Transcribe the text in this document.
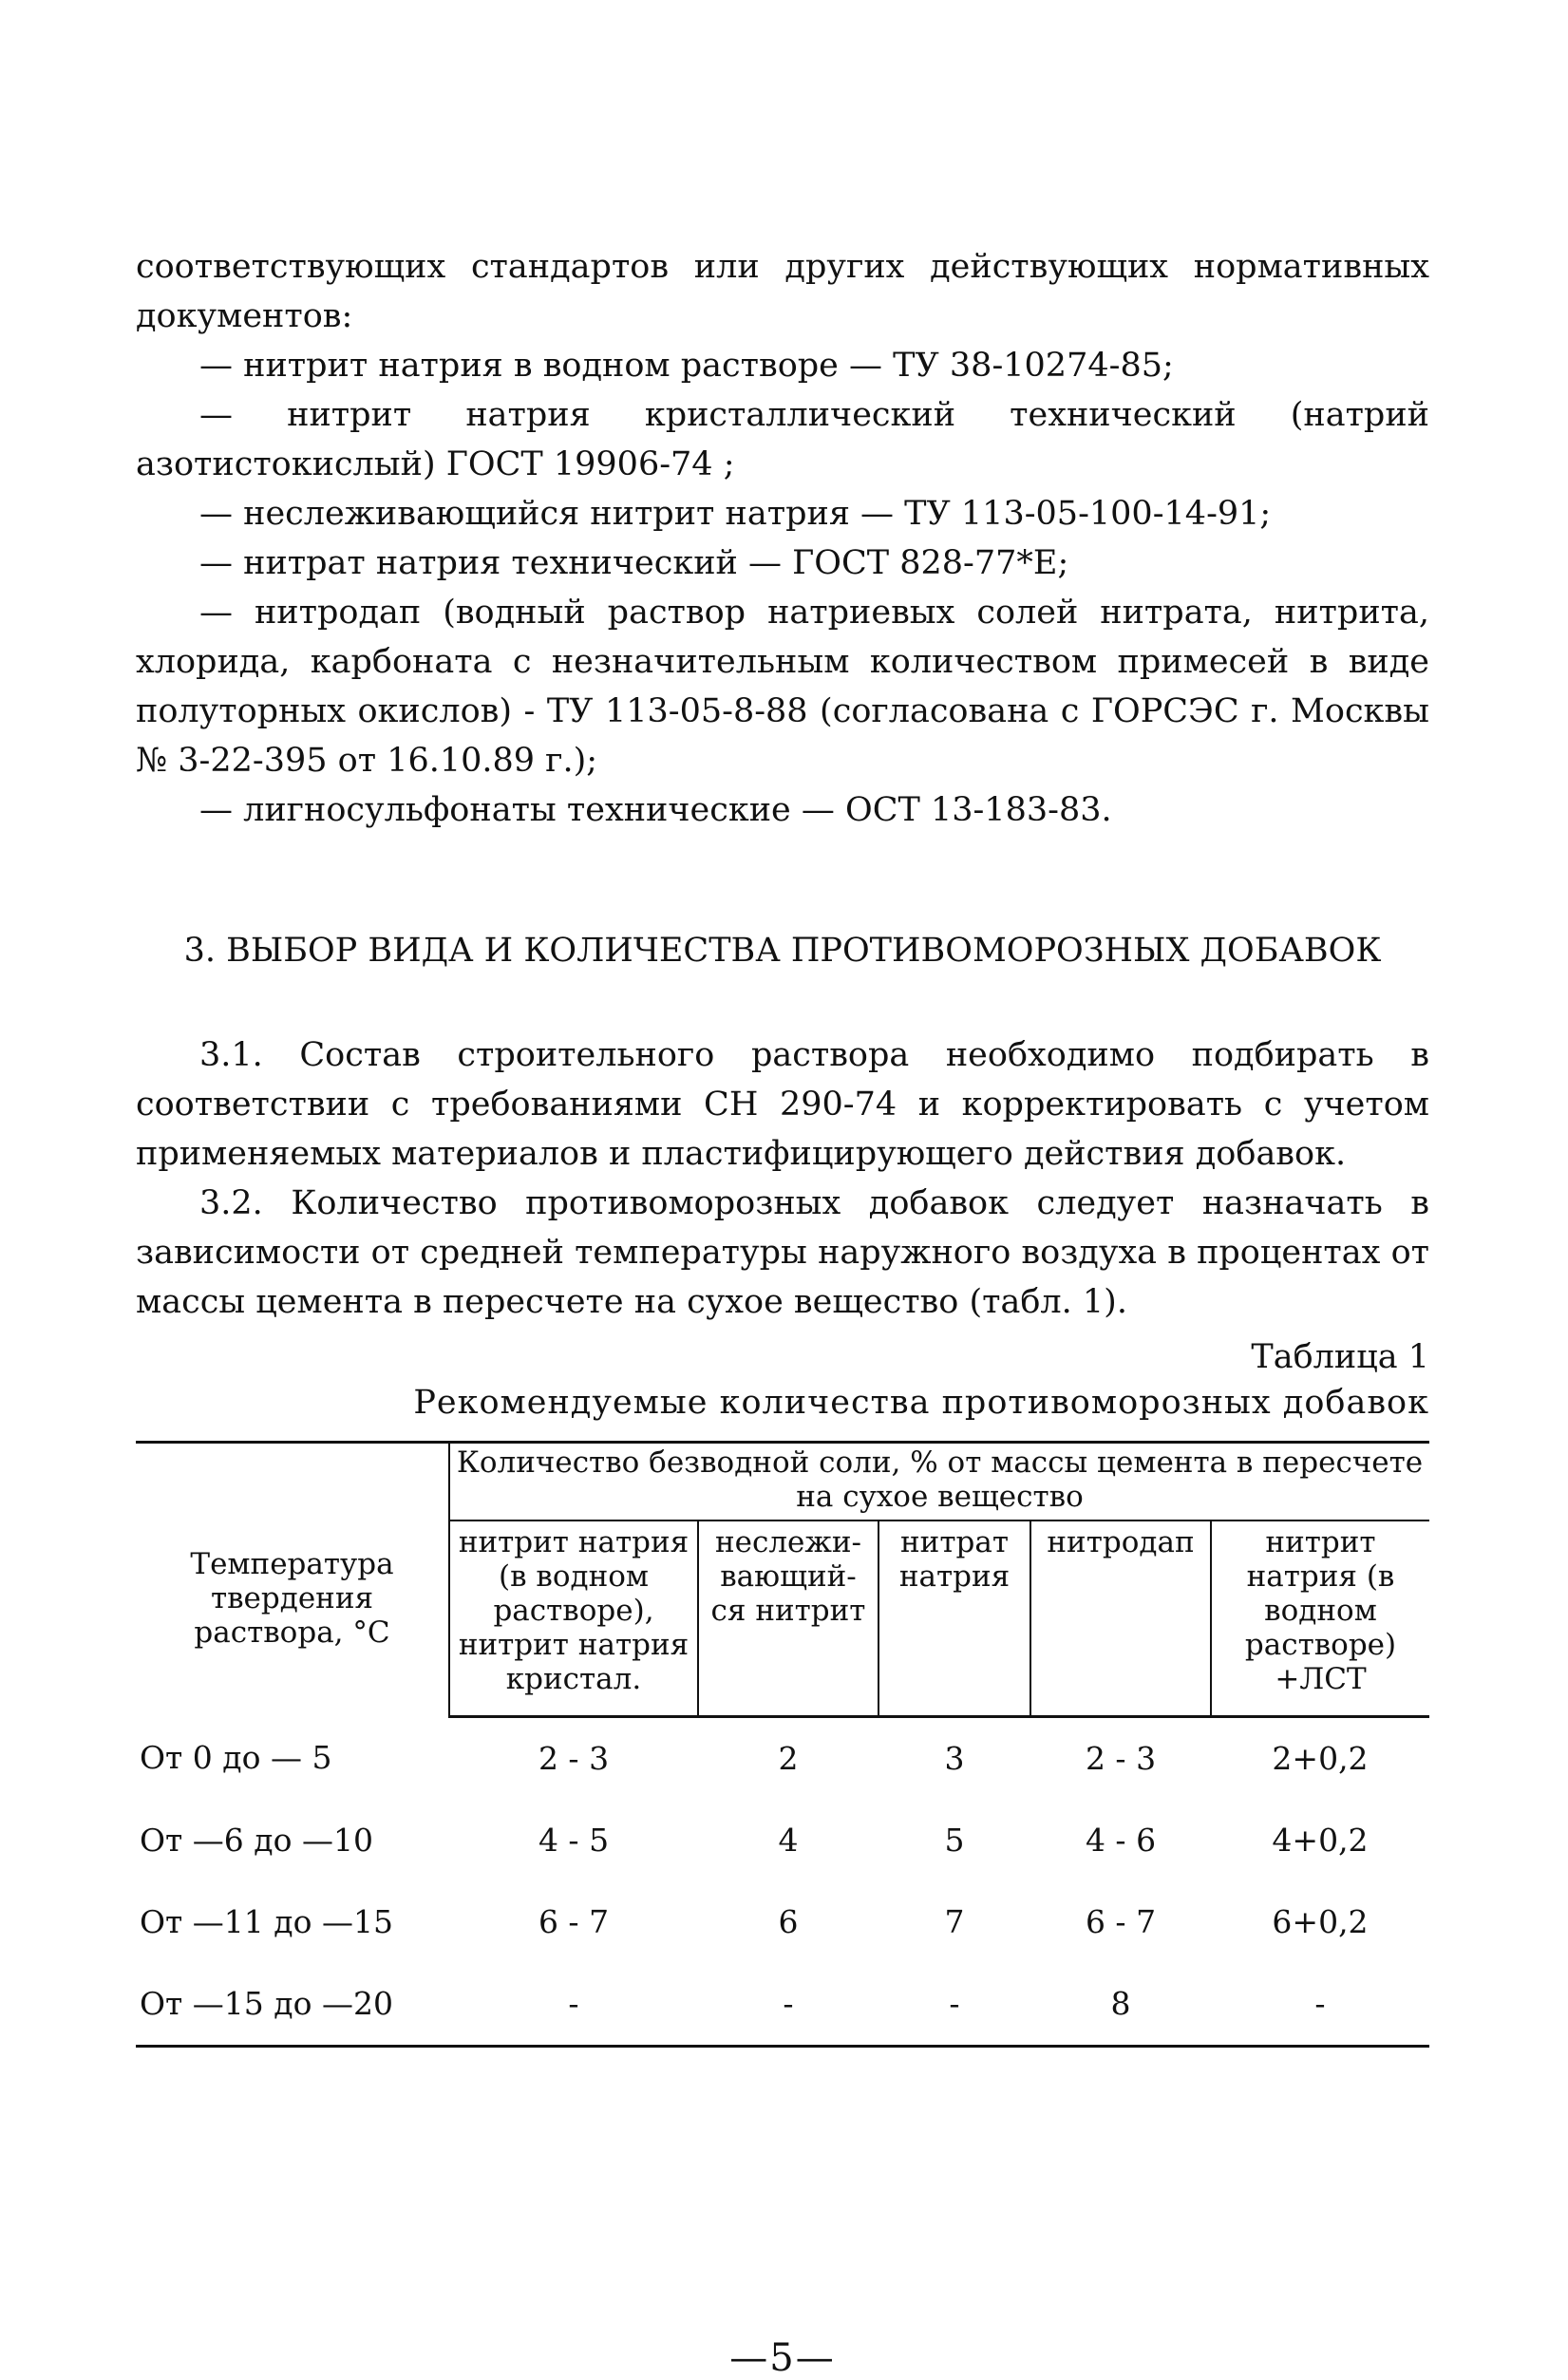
соответствующих стандартов или других действующих нормативных документов:

— нитрит натрия в водном растворе — ТУ 38-10274-85;

— нитрит натрия кристаллический технический (натрий азотистокислый) ГОСТ 19906-74 ;

— неслеживающийся нитрит натрия — ТУ 113-05-100-14-91;

— нитрат натрия технический — ГОСТ 828-77*Е;

— нитродап (водный раствор натриевых солей нитрата, нитрита, хлорида, карбоната с незначительным количеством примесей в виде полуторных окислов) - ТУ 113-05-8-88 (согласована с ГОРСЭС г. Москвы № 3-22-395 от 16.10.89 г.);

— лигносульфонаты технические — ОСТ 13-183-83.

3. ВЫБОР ВИДА И КОЛИЧЕСТВА ПРОТИВОМОРОЗНЫХ ДОБАВОК

3.1. Состав строительного раствора необходимо подбирать в соответствии с требованиями СН 290-74 и корректировать с учетом применяемых материалов и пластифицирующего действия добавок.

3.2. Количество противоморозных добавок следует назначать в зависимости от средней температуры наружного воздуха в процентах от массы цемента в пересчете на сухое вещество (табл. 1).

Таблица 1
Рекомендуемые количества противоморозных добавок
Температура твердения раствора, °С	Количество безводной соли, % от массы цемента в пересчете на сухое вещество				
	нитрит натрия (в водном растворе), нитрит натрия кристал.	неслежи-вающий-ся нитрит	нитрат натрия	нитродап	нитрит натрия (в водном растворе) +ЛСТ
От 0 до — 5	2 - 3	2	3	2 - 3	2+0,2
От —6 до —10	4 - 5	4	5	4 - 6	4+0,2
От —11 до —15	6 - 7	6	7	6 - 7	6+0,2
От —15 до —20	-	-	-	8	-
—5—
